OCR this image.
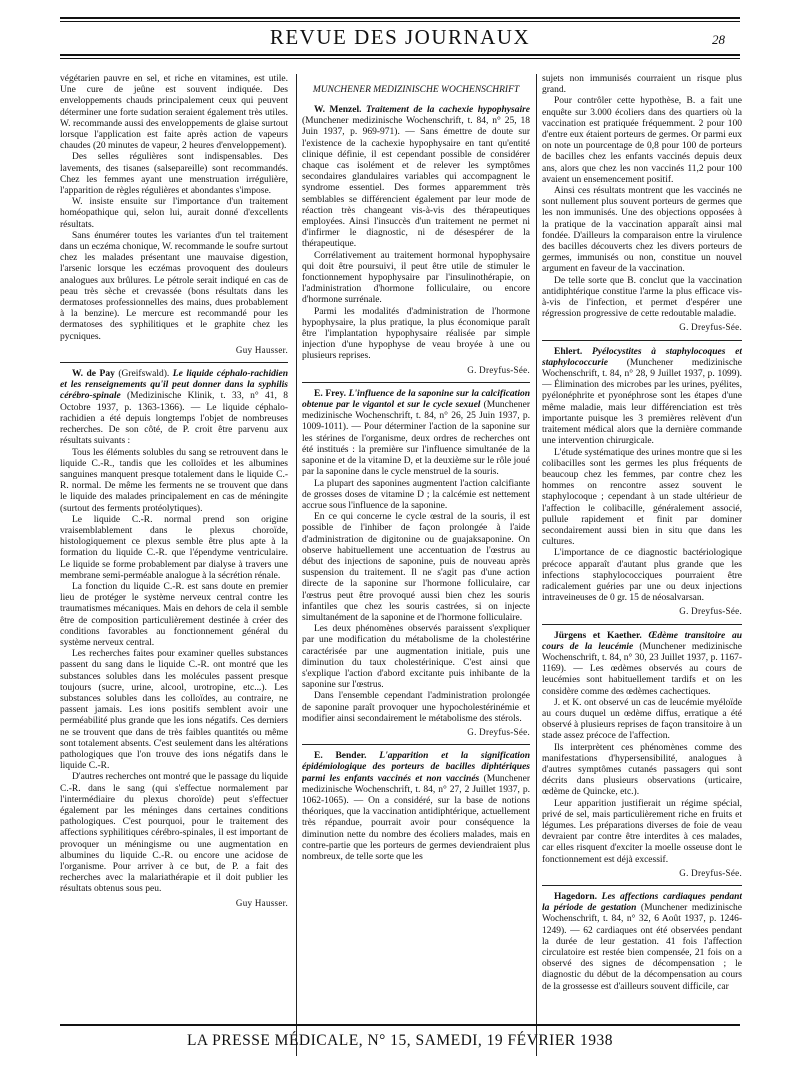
REVUE DES JOURNAUX	28

végétarien pauvre en sel, et riche en vitamines, est utile. Une cure de jeûne est souvent indiquée. Des enveloppements chauds principalement ceux qui peuvent déterminer une forte sudation seraient également très utiles. W. recommande aussi des enveloppements de glaise surtout lorsque l'application est faite après action de vapeurs chaudes (20 minutes de vapeur, 2 heures d'enveloppement).

Des selles régulières sont indispensables. Des lavements, des tisanes (salsepareille) sont recommandés. Chez les femmes ayant une menstruation irrégulière, l'apparition de règles régulières et abondantes s'impose.

W. insiste ensuite sur l'importance d'un traitement homéopathique qui, selon lui, aurait donné d'excellents résultats.

Sans énumérer toutes les variantes d'un tel traitement dans un eczéma chonique, W. recommande le soufre surtout chez les malades présentant une mauvaise digestion, l'arsenic lorsque les eczémas provoquent des douleurs analogues aux brûlures. Le pétrole serait indiqué en cas de peau très sèche et crevassée (bons résultats dans les dermatoses professionnelles des mains, dues probablement à la benzine). Le mercure est recommandé pour les dermatoses des syphilitiques et le graphite chez les pycniques.

Guy Hausser.

W. de Pay (Greifswald). Le liquide céphalo-rachidien et les renseignements qu'il peut donner dans la syphilis cérébro-spinale (Medizinische Klinik, t. 33, n° 41, 8 Octobre 1937, p. 1363-1366). — Le liquide céphalo-rachidien a été depuis longtemps l'objet de nombreuses recherches. De son côté, de P. croit être parvenu aux résultats suivants :

Tous les éléments solubles du sang se retrouvent dans le liquide C.-R., tandis que les colloïdes et les albumines sanguines manquent presque totalement dans le liquide C.-R. normal. De même les ferments ne se trouvent que dans le liquide des malades principalement en cas de méningite (surtout des ferments protéolytiques).

Le liquide C.-R. normal prend son origine vraisemblablement dans le plexus choroïde, histologiquement ce plexus semble être plus apte à la formation du liquide C.-R. que l'épendyme ventriculaire. Le liquide se forme probablement par dialyse à travers une membrane semi-perméable analogue à la sécrétion rénale.

La fonction du liquide C.-R. est sans doute en premier lieu de protéger le système nerveux central contre les traumatismes mécaniques. Mais en dehors de cela il semble être de composition particulièrement destinée à créer des conditions favorables au fonctionnement général du système nerveux central.

Les recherches faites pour examiner quelles substances passent du sang dans le liquide C.-R. ont montré que les substances solubles dans les molécules passent presque toujours (sucre, urine, alcool, urotropine, etc...). Les substances solubles dans les colloïdes, au contraire, ne passent jamais. Les ions positifs semblent avoir une perméabilité plus grande que les ions négatifs. Ces derniers ne se trouvent que dans de très faibles quantités ou même sont totalement absents. C'est seulement dans les altérations pathologiques que l'on trouve des ions négatifs dans le liquide C.-R.

D'autres recherches ont montré que le passage du liquide C.-R. dans le sang (qui s'effectue normalement par l'intermédiaire du plexus choroïde) peut s'effectuer également par les méninges dans certaines conditions pathologiques. C'est pourquoi, pour le traitement des affections syphilitiques cérébro-spinales, il est important de provoquer un méningisme ou une augmentation en albumines du liquide C.-R. ou encore une acidose de l'organisme. Pour arriver à ce but, de P. a fait des recherches avec la malariathérapie et il doit publier les résultats obtenus sous peu.

Guy Hausser.
MUNCHENER MEDIZINISCHE WOCHENSCHRIFT

W. Menzel. Traitement de la cachexie hypophysaire (Munchener medizinische Wochenschrift, t. 84, n° 25, 18 Juin 1937, p. 969-971). — Sans émettre de doute sur l'existence de la cachexie hypophysaire en tant qu'entité clinique définie, il est cependant possible de considérer chaque cas isolément et de relever les symptômes secondaires glandulaires variables qui accompagnent le syndrome essentiel. Des formes apparemment très semblables se différencient également par leur mode de réaction très changeant vis-à-vis des thérapeutiques employées. Ainsi l'insuccès d'un traitement ne permet ni d'infirmer le diagnostic, ni de désespérer de la thérapeutique.

Corrélativement au traitement hormonal hypophysaire qui doit être poursuivi, il peut être utile de stimuler le fonctionnement hypophysaire par l'insulinothérapie, on l'administration d'hormone folliculaire, ou encore d'hormone surrénale.

Parmi les modalités d'administration de l'hormone hypophysaire, la plus pratique, la plus économique paraît être l'implantation hypophysaire réalisée par simple injection d'une hypophyse de veau broyée à une ou plusieurs reprises.

G. Dreyfus-Sée.

E. Frey. L'influence de la saponine sur la calcification obtenue par le vigantol et sur le cycle sexuel (Munchener medizinische Wochenschrift, t. 84, n° 26, 25 Juin 1937, p. 1009-1011). — Pour déterminer l'action de la saponine sur les stérines de l'organisme, deux ordres de recherches ont été institués : la première sur l'influence simultanée de la saponine et de la vitamine D, et la deuxième sur le rôle joué par la saponine dans le cycle menstruel de la souris.

La plupart des saponines augmentent l'action calcifiante de grosses doses de vitamine D ; la calcémie est nettement accrue sous l'influence de la saponine.

En ce qui concerne le cycle œstral de la souris, il est possible de l'inhiber de façon prolongée à l'aide d'administration de digitonine ou de guajaksaponine. On observe habituellement une accentuation de l'œstrus au début des injections de saponine, puis de nouveau après suspension du traitement. Il ne s'agit pas d'une action directe de la saponine sur l'hormone folliculaire, car l'œstrus peut être provoqué aussi bien chez les souris infantiles que chez les souris castrées, si on injecte simultanément de la saponine et de l'hormone folliculaire.

Les deux phénomènes observés paraissent s'expliquer par une modification du métabolisme de la cholestérine caractérisée par une augmentation initiale, puis une diminution du taux cholestérinique. C'est ainsi que s'explique l'action d'abord excitante puis inhibante de la saponine sur l'œstrus.

Dans l'ensemble cependant l'administration prolongée de saponine paraît provoquer une hypocholestérinémie et modifier ainsi secondairement le métabolisme des stérols.

G. Dreyfus-Sée.

E. Bender. L'apparition et la signification épidémiologique des porteurs de bacilles diphtériques parmi les enfants vaccinés et non vaccinés (Munchener medizinische Wochenschrift, t. 84, n° 27, 2 Juillet 1937, p. 1062-1065). — On a considéré, sur la base de notions théoriques, que la vaccination antidiphtérique, actuellement très répandue, pourrait avoir pour conséquence la diminution nette du nombre des écoliers malades, mais en contre-partie que les porteurs de germes deviendraient plus nombreux, de telle sorte que les

sujets non immunisés courraient un risque plus grand.

Pour contrôler cette hypothèse, B. a fait une enquête sur 3.000 écoliers dans des quartiers où la vaccination est pratiquée fréquemment. 2 pour 100 d'entre eux étaient porteurs de germes. Or parmi eux on note un pourcentage de 0,8 pour 100 de porteurs de bacilles chez les enfants vaccinés depuis deux ans, alors que chez les non vaccinés 11,2 pour 100 avaient un ensemencement positif.

Ainsi ces résultats montrent que les vaccinés ne sont nullement plus souvent porteurs de germes que les non immunisés. Une des objections opposées à la pratique de la vaccination apparaît ainsi mal fondée. D'ailleurs la comparaison entre la virulence des bacilles découverts chez les divers porteurs de germes, immunisés ou non, constitue un nouvel argument en faveur de la vaccination.

De telle sorte que B. conclut que la vaccination antidiphtérique constitue l'arme la plus efficace vis-à-vis de l'infection, et permet d'espérer une régression progressive de cette redoutable maladie.

G. Dreyfus-Sée.

Ehlert. Pyélocystites à staphylocoques et staphylococcurie (Munchener medizinische Wochenschrift, t. 84, n° 28, 9 Juillet 1937, p. 1099). — Élimination des microbes par les urines, pyélites, pyélonéphrite et pyonéphrose sont les étapes d'une même maladie, mais leur différenciation est très importante puisque les 3 premières relèvent d'un traitement médical alors que la dernière commande une intervention chirurgicale.

L'étude systématique des urines montre que si les colibacilles sont les germes les plus fréquents de beaucoup chez les femmes, par contre chez les hommes on rencontre assez souvent le staphylocoque ; cependant à un stade ultérieur de l'affection le colibacille, généralement associé, pullule rapidement et finit par dominer secondairement aussi bien in situ que dans les cultures.

L'importance de ce diagnostic bactériologique précoce apparaît d'autant plus grande que les infections staphylococciques pourraient être radicalement guéries par une ou deux injections intraveineuses de 0 gr. 15 de néosalvarsan.

G. Dreyfus-Sée.

Jürgens et Kaether. Œdème transitoire au cours de la leucémie (Munchener medizinische Wochenschrift, t. 84, n° 30, 23 Juillet 1937, p. 1167-1169). — Les œdèmes observés au cours de leucémies sont habituellement tardifs et on les considère comme des œdèmes cachectiques.

J. et K. ont observé un cas de leucémie myéloïde au cours duquel un œdème diffus, erratique a été observé à plusieurs reprises de façon transitoire à un stade assez précoce de l'affection.

Ils interprètent ces phénomènes comme des manifestations d'hypersensibilité, analogues à d'autres symptômes cutanés passagers qui sont décrits dans plusieurs observations (urticaire, œdème de Quincke, etc.).

Leur apparition justifierait un régime spécial, privé de sel, mais particulièrement riche en fruits et légumes. Les préparations diverses de foie de veau devraient par contre être interdites à ces malades, car elles risquent d'exciter la moelle osseuse dont le fonctionnement est déjà excessif.

G. Dreyfus-Sée.

Hagedorn. Les affections cardiaques pendant la période de gestation (Munchener medizinische Wochenschrift, t. 84, n° 32, 6 Août 1937, p. 1246-1249). — 62 cardiaques ont été observées pendant la durée de leur gestation. 41 fois l'affection circulatoire est restée bien compensée, 21 fois on a observé des signes de décompensation ; le diagnostic du début de la décompensation au cours de la grossesse est d'ailleurs souvent difficile, car

LA PRESSE MÉDICALE, N° 15, SAMEDI, 19 FÉVRIER 1938
